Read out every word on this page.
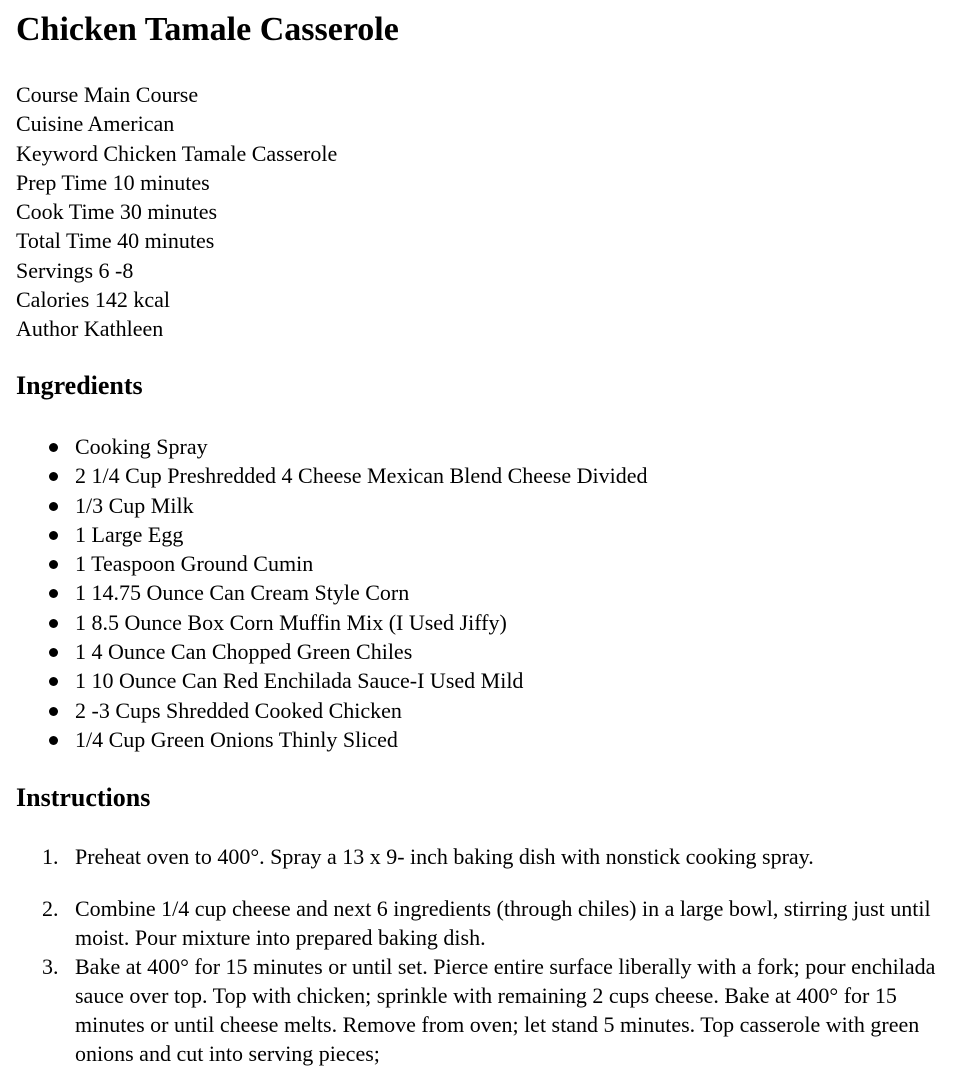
Chicken Tamale Casserole
Course Main Course
Cuisine American
Keyword Chicken Tamale Casserole
Prep Time 10 minutes
Cook Time 30 minutes
Total Time 40 minutes
Servings 6 -8
Calories 142 kcal
Author Kathleen
Ingredients
Cooking Spray
2 1/4 Cup Preshredded 4 Cheese Mexican Blend Cheese Divided
1/3 Cup Milk
1 Large Egg
1 Teaspoon Ground Cumin
1 14.75 Ounce Can Cream Style Corn
1 8.5 Ounce Box Corn Muffin Mix (I Used Jiffy)
1 4 Ounce Can Chopped Green Chiles
1 10 Ounce Can Red Enchilada Sauce-I Used Mild
2 -3 Cups Shredded Cooked Chicken
1/4 Cup Green Onions Thinly Sliced
Instructions
1. Preheat oven to 400°. Spray a 13 x 9- inch baking dish with nonstick cooking spray.
2. Combine 1/4 cup cheese and next 6 ingredients (through chiles) in a large bowl, stirring just until moist. Pour mixture into prepared baking dish.
3. Bake at 400° for 15 minutes or until set. Pierce entire surface liberally with a fork; pour enchilada sauce over top. Top with chicken; sprinkle with remaining 2 cups cheese. Bake at 400° for 15 minutes or until cheese melts. Remove from oven; let stand 5 minutes. Top casserole with green onions and cut into serving pieces;
